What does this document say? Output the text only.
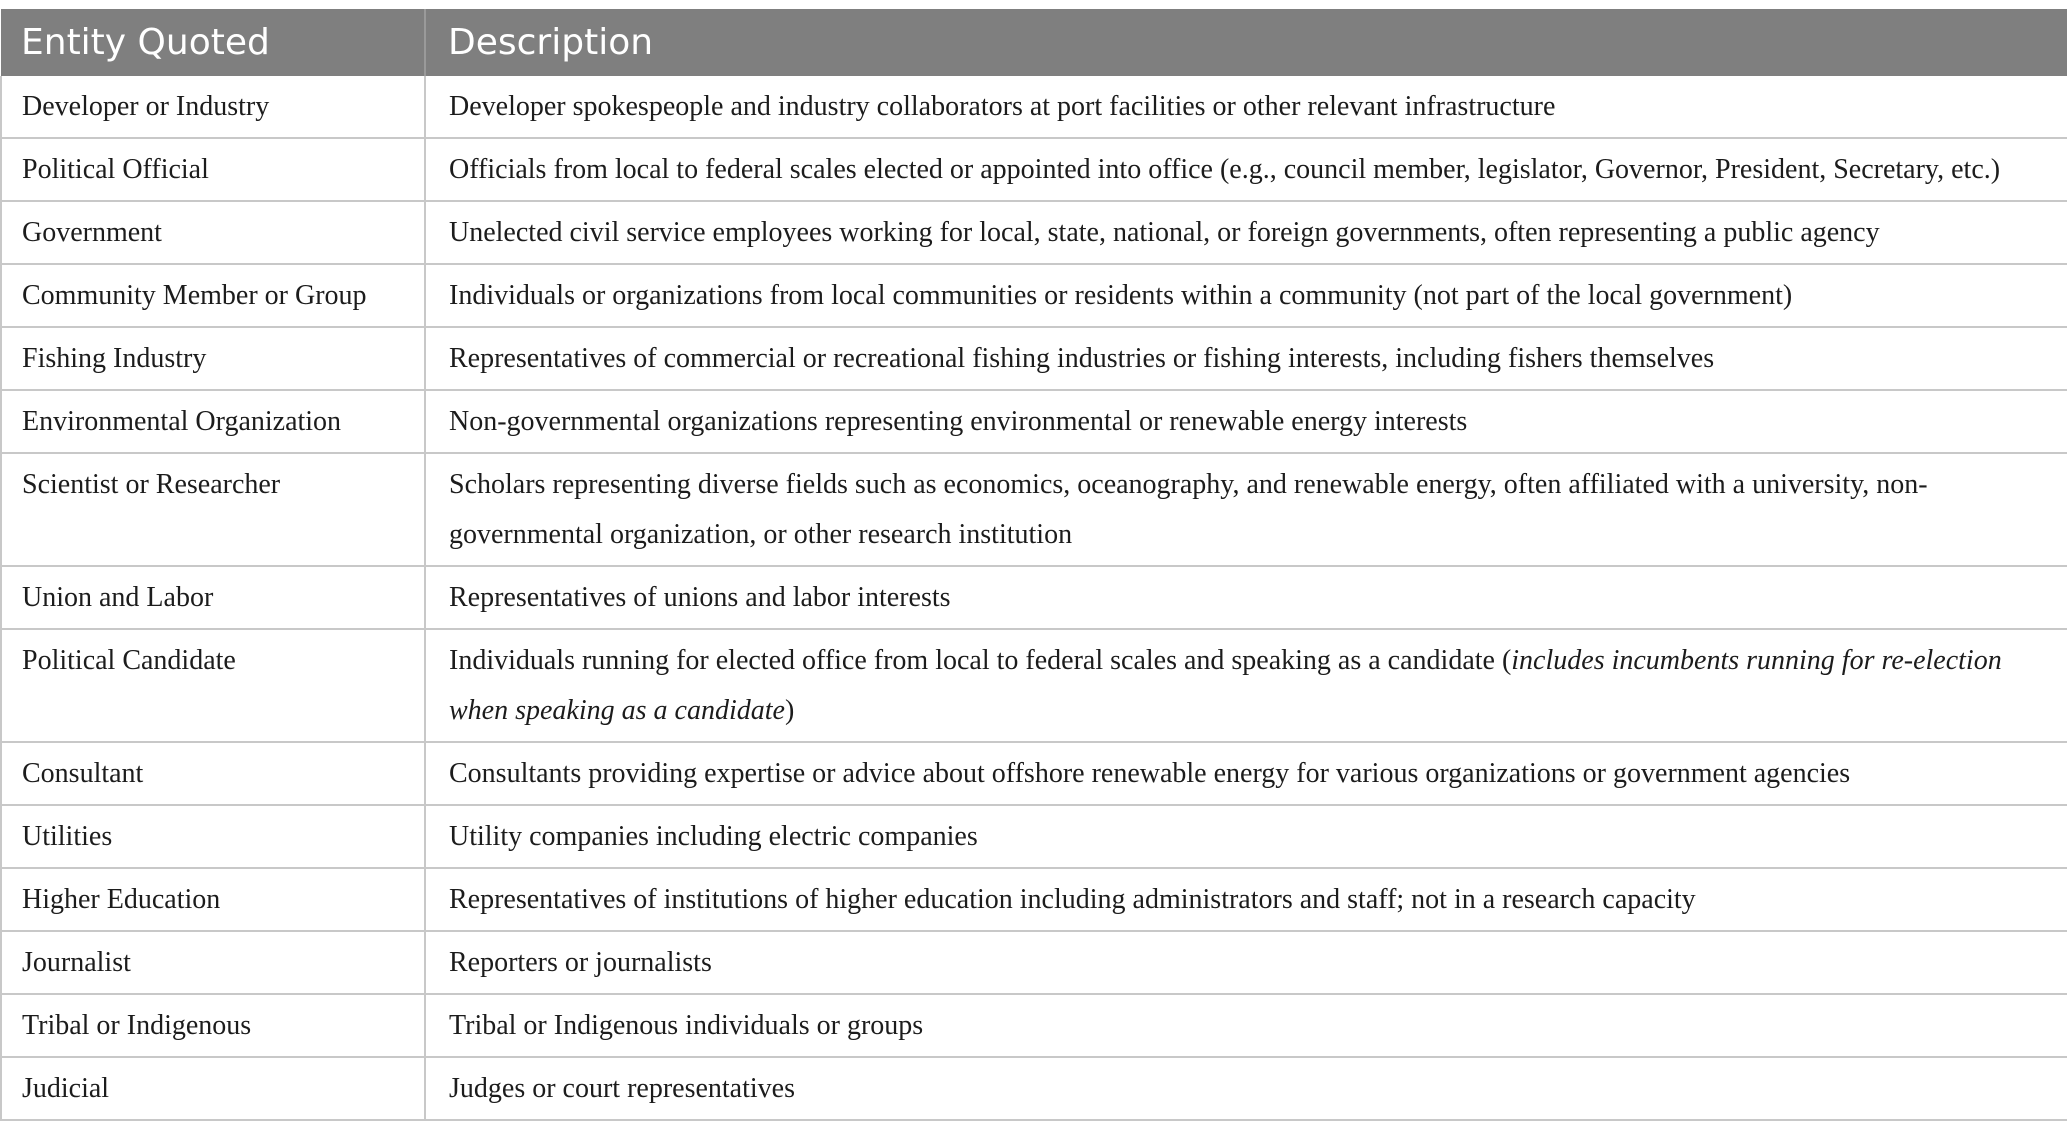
Entity Quoted	Description
Developer or Industry	Developer spokespeople and industry collaborators at port facilities or other relevant infrastructure
Political Official	Officials from local to federal scales elected or appointed into office (e.g., council member, legislator, Governor, President, Secretary, etc.)
Government	Unelected civil service employees working for local, state, national, or foreign governments, often representing a public agency
Community Member or Group	Individuals or organizations from local communities or residents within a community (not part of the local government)
Fishing Industry	Representatives of commercial or recreational fishing industries or fishing interests, including fishers themselves
Environmental Organization	Non-governmental organizations representing environmental or renewable energy interests
Scientist or Researcher	Scholars representing diverse fields such as economics, oceanography, and renewable energy, often affiliated with a university, non-governmental organization, or other research institution
Union and Labor	Representatives of unions and labor interests
Political Candidate	Individuals running for elected office from local to federal scales and speaking as a candidate (includes incumbents running for re-election when speaking as a candidate)
Consultant	Consultants providing expertise or advice about offshore renewable energy for various organizations or government agencies
Utilities	Utility companies including electric companies
Higher Education	Representatives of institutions of higher education including administrators and staff; not in a research capacity
Journalist	Reporters or journalists
Tribal or Indigenous	Tribal or Indigenous individuals or groups
Judicial	Judges or court representatives
